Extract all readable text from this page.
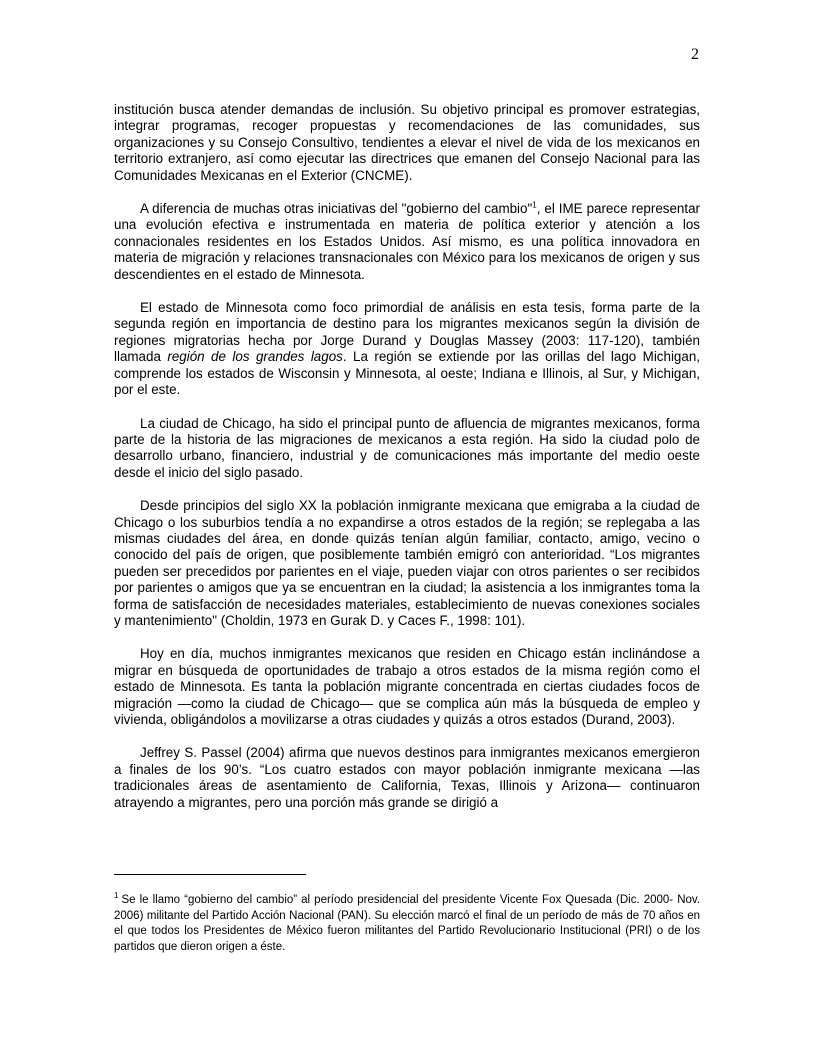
2

institución busca atender demandas de inclusión. Su objetivo principal es promover estrategias, integrar programas, recoger propuestas y recomendaciones de las comunidades, sus organizaciones y su Consejo Consultivo, tendientes a elevar el nivel de vida de los mexicanos en territorio extranjero, así como ejecutar las directrices que emanen del Consejo Nacional para las Comunidades Mexicanas en el Exterior (CNCME).

A diferencia de muchas otras iniciativas del "gobierno del cambio"$^1$, el IME parece representar una evolución efectiva e instrumentada en materia de política exterior y atención a los connacionales residentes en los Estados Unidos. Así mismo, es una política innovadora en materia de migración y relaciones transnacionales con México para los mexicanos de origen y sus descendientes en el estado de Minnesota.

El estado de Minnesota como foco primordial de análisis en esta tesis, forma parte de la segunda región en importancia de destino para los migrantes mexicanos según la división de regiones migratorias hecha por Jorge Durand y Douglas Massey (2003: 117-120), también llamada región de los grandes lagos. La región se extiende por las orillas del lago Michigan, comprende los estados de Wisconsin y Minnesota, al oeste; Indiana e Illinois, al Sur, y Michigan, por el este.

La ciudad de Chicago, ha sido el principal punto de afluencia de migrantes mexicanos, forma parte de la historia de las migraciones de mexicanos a esta región. Ha sido la ciudad polo de desarrollo urbano, financiero, industrial y de comunicaciones más importante del medio oeste desde el inicio del siglo pasado.

Desde principios del siglo XX la población inmigrante mexicana que emigraba a la ciudad de Chicago o los suburbios tendía a no expandirse a otros estados de la región; se replegaba a las mismas ciudades del área, en donde quizás tenían algún familiar, contacto, amigo, vecino o conocido del país de origen, que posiblemente también emigró con anterioridad. “Los migrantes pueden ser precedidos por parientes en el viaje, pueden viajar con otros parientes o ser recibidos por parientes o amigos que ya se encuentran en la ciudad; la asistencia a los inmigrantes toma la forma de satisfacción de necesidades materiales, establecimiento de nuevas conexiones sociales y mantenimiento" (Choldin, 1973 en Gurak D. y Caces F., 1998: 101).

Hoy en día, muchos inmigrantes mexicanos que residen en Chicago están inclinándose a migrar en búsqueda de oportunidades de trabajo a otros estados de la misma región como el estado de Minnesota. Es tanta la población migrante concentrada en ciertas ciudades focos de migración —como la ciudad de Chicago— que se complica aún más la búsqueda de empleo y vivienda, obligándolos a movilizarse a otras ciudades y quizás a otros estados (Durand, 2003).

Jeffrey S. Passel (2004) afirma que nuevos destinos para inmigrantes mexicanos emergieron a finales de los 90’s. “Los cuatro estados con mayor población inmigrante mexicana —las tradicionales áreas de asentamiento de California, Texas, Illinois y Arizona— continuaron atrayendo a migrantes, pero una porción más grande se dirigió a

$^1$ Se le llamo “gobierno del cambio” al período presidencial del presidente Vicente Fox Quesada (Dic. 2000- Nov. 2006) militante del Partido Acción Nacional (PAN). Su elección marcó el final de un período de más de 70 años en el que todos los Presidentes de México fueron militantes del Partido Revolucionario Institucional (PRI) o de los partidos que dieron origen a éste.
